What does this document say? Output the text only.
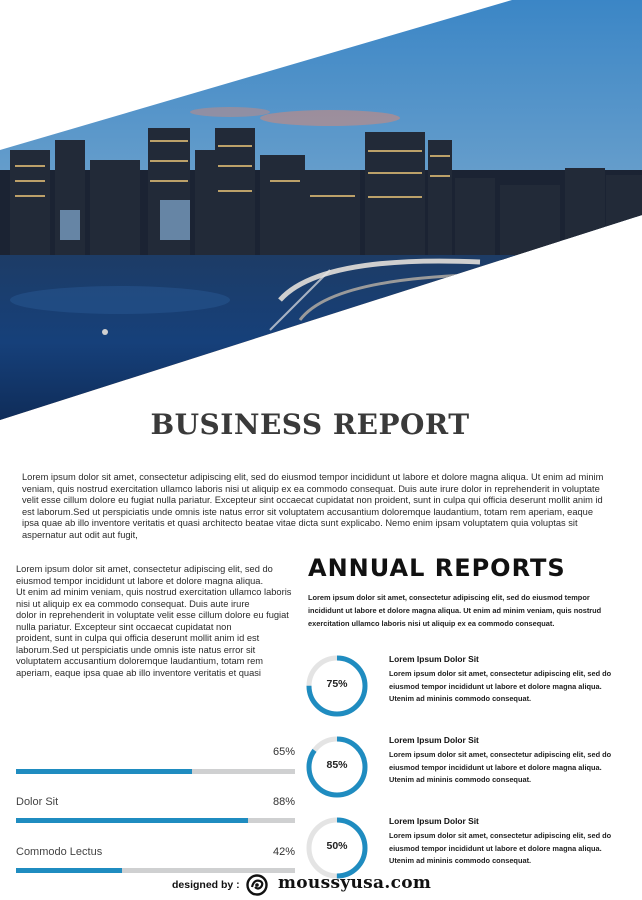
BUSINESS REPORT
Lorem ipsum dolor sit amet, consectetur adipiscing elit, sed do eiusmod tempor incididunt ut labore et dolore magna aliqua. Ut enim ad minim veniam, quis nostrud exercitation ullamco laboris nisi ut aliquip ex ea commodo consequat. Duis aute irure dolor in reprehenderit in voluptate velit esse cillum dolore eu fugiat nulla pariatur. Excepteur sint occaecat cupidatat non proident, sunt in culpa qui officia deserunt mollit anim id est laborum.Sed ut perspiciatis unde omnis iste natus error sit voluptatem accusantium doloremque laudantium, totam rem aperiam, eaque ipsa quae ab illo inventore veritatis et quasi architecto beatae vitae dicta sunt explicabo. Nemo enim ipsam voluptatem quia voluptas sit aspernatur aut odit aut fugit,

Lorem ipsum dolor sit amet, consectetur adipiscing elit, sed do eiusmod tempor incididunt ut labore et dolore magna aliqua.

Ut enim ad minim veniam, quis nostrud exercitation ullamco laboris nisi ut aliquip ex ea commodo consequat. Duis aute irure

dolor in reprehenderit in voluptate velit esse cillum dolore eu fugiat nulla pariatur. Excepteur sint occaecat cupidatat non

proident, sunt in culpa qui officia deserunt mollit anim id est laborum.Sed ut perspiciatis unde omnis iste natus error sit

voluptatem accusantium doloremque laudantium, totam rem aperiam, eaque ipsa quae ab illo inventore veritatis et quasi

65%
Dolor Sit	88%
Commodo Lectus	42%
ANNUAL REPORTS
Lorem ipsum dolor sit amet, consectetur adipiscing elit, sed do eiusmod tempor incididunt ut labore et dolore magna aliqua. Ut enim ad minim veniam, quis nostrud exercitation ullamco laboris nisi ut aliquip ex ea commodo consequat.
75%
Lorem Ipsum Dolor Sit
Lorem ipsum dolor sit amet, consectetur adipiscing elit, sed do eiusmod tempor incididunt ut labore et dolore magna aliqua. Utenim ad mininis commodo consequat.
85%
Lorem Ipsum Dolor Sit
Lorem ipsum dolor sit amet, consectetur adipiscing elit, sed do eiusmod tempor incididunt ut labore et dolore magna aliqua. Utenim ad mininis commodo consequat.
50%
Lorem Ipsum Dolor Sit
Lorem ipsum dolor sit amet, consectetur adipiscing elit, sed do eiusmod tempor incididunt ut labore et dolore magna aliqua. Utenim ad mininis commodo consequat.
designed by : moussyusa.com
